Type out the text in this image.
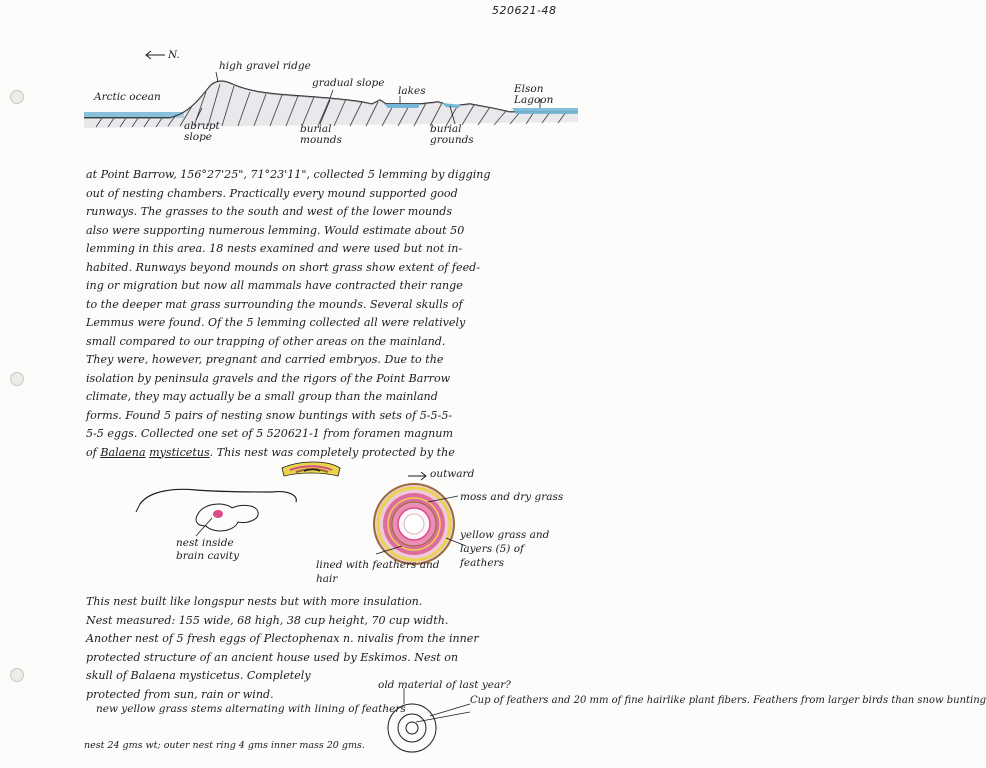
520621-48
N.
Arctic ocean
high gravel ridge
gradual slope
lakes	Elson Lagoon
abrupt slope
burial mounds
burial grounds
at Point Barrow, 156°27'25", 71°23'11", collected 5 lemming by digging
out of nesting chambers. Practically every mound supported good
runways. The grasses to the south and west of the lower mounds
also were supporting numerous lemming. Would estimate about 50
lemming in this area. 18 nests examined and were used but not in-
habited. Runways beyond mounds on short grass show extent of feed-
ing or migration but now all mammals have contracted their range
to the deeper mat grass surrounding the mounds. Several skulls of
Lemmus were found. Of the 5 lemming collected all were relatively
small compared to our trapping of other areas on the mainland.
They were, however, pregnant and carried embryos. Due to the
isolation by peninsula gravels and the rigors of the Point Barrow
climate, they may actually be a small group than the mainland
forms. Found 5 pairs of nesting snow buntings with sets of 5-5-5-
5-5 eggs. Collected one set of 5 520621-1 from foramen magnum
of Balaena mysticetus. This nest was completely protected by the
outward
nest inside brain cavity
moss and dry grass
yellow grass and layers (5) of feathers
lined with feathers and hair
This nest built like longspur nests but with more insulation.
Nest measured: 155 wide, 68 high, 38 cup height, 70 cup width.
Another nest of 5 fresh eggs of Plectophenax n. nivalis from the inner
protected structure of an ancient house used by Eskimos. Nest on
skull of Balaena mysticetus. Completely
protected from sun, rain or wind.
new yellow grass stems alternating with lining of feathers
old material of last year?
Cup of feathers and 20 mm of fine hairlike plant fibers. Feathers from larger birds than snow bunting
nest 24 gms wt; outer nest ring 4 gms inner mass 20 gms.
